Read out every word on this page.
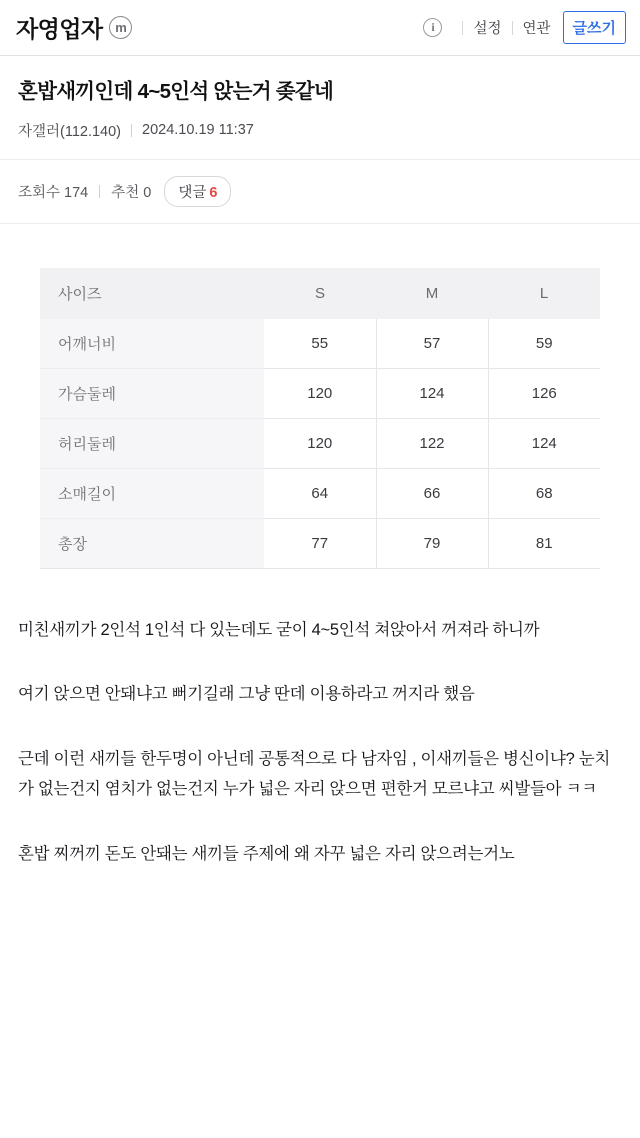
자영업자 m	i	설정 연관	글쓰기
혼밥새끼인데 4~5인석 앉는거 좆같네
자갤러(112.140) 2024.10.19 11:37
조회수 174 추천 0 댓글 6
사이즈	S	M	L
어깨너비	55	57	59
가슴둘레	120	124	126
허리둘레	120	122	124
소매길이	64	66	68
총장	77	79	81

미친새끼가 2인석 1인석 다 있는데도 굳이 4~5인석 쳐앉아서 꺼져라 하니까

여기 앉으면 안돼냐고 뻐기길래 그냥 딴데 이용하라고 꺼지라 했음

근데 이런 새끼들 한두명이 아닌데 공통적으로 다 남자임 , 이새끼들은 병신이냐? 눈치가 없는건지 염치가 없는건지 누가 넓은 자리 앉으면 편한거 모르냐고 씨발들아 ㅋㅋ

혼밥 찌꺼끼 돈도 안돼는 새끼들 주제에 왜 자꾸 넓은 자리 앉으려는거노
